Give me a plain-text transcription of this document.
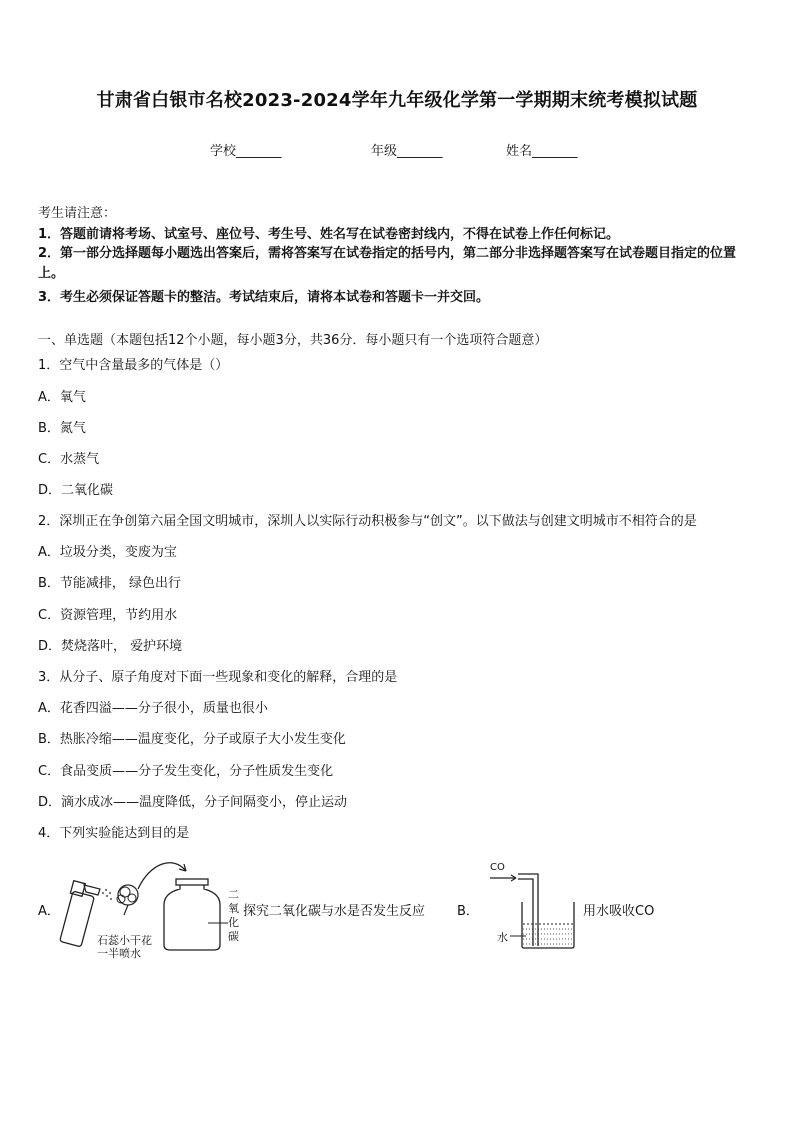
甘肃省白银市名校2023-2024学年九年级化学第一学期期末统考模拟试题
学校_______	年级_______	姓名_______
考生请注意：
1．答题前请将考场、试室号、座位号、考生号、姓名写在试卷密封线内，不得在试卷上作任何标记。
2．第一部分选择题每小题选出答案后，需将答案写在试卷指定的括号内，第二部分非选择题答案写在试卷题目指定的位置上。
3．考生必须保证答题卡的整洁。考试结束后，请将本试卷和答题卡一并交回。
一、单选题（本题包括12个小题，每小题3分，共36分．每小题只有一个选项符合题意）
1．空气中含量最多的气体是（）
A．氧气
B．氮气
C．水蒸气
D．二氧化碳
2．深圳正在争创第六届全国文明城市，深圳人以实际行动积极参与“创文”。以下做法与创建文明城市不相符合的是
A．垃圾分类，变废为宝
B．节能减排， 绿色出行
C．资源管理，节约用水
D．焚烧落叶， 爱护环境
3．从分子、原子角度对下面一些现象和变化的解释，合理的是
A．花香四溢——分子很小，质量也很小
B．热胀冷缩——温度变化，分子或原子大小发生变化
C．食品变质——分子发生变化，分子性质发生变化
D．滴水成冰——温度降低，分子间隔变小，停止运动
4．下列实验能达到目的是
A．
石蕊小干花
一半喷水
二
氧
化
碳
探究二氧化碳与水是否发生反应 B．
CO
水
用水吸收CO
